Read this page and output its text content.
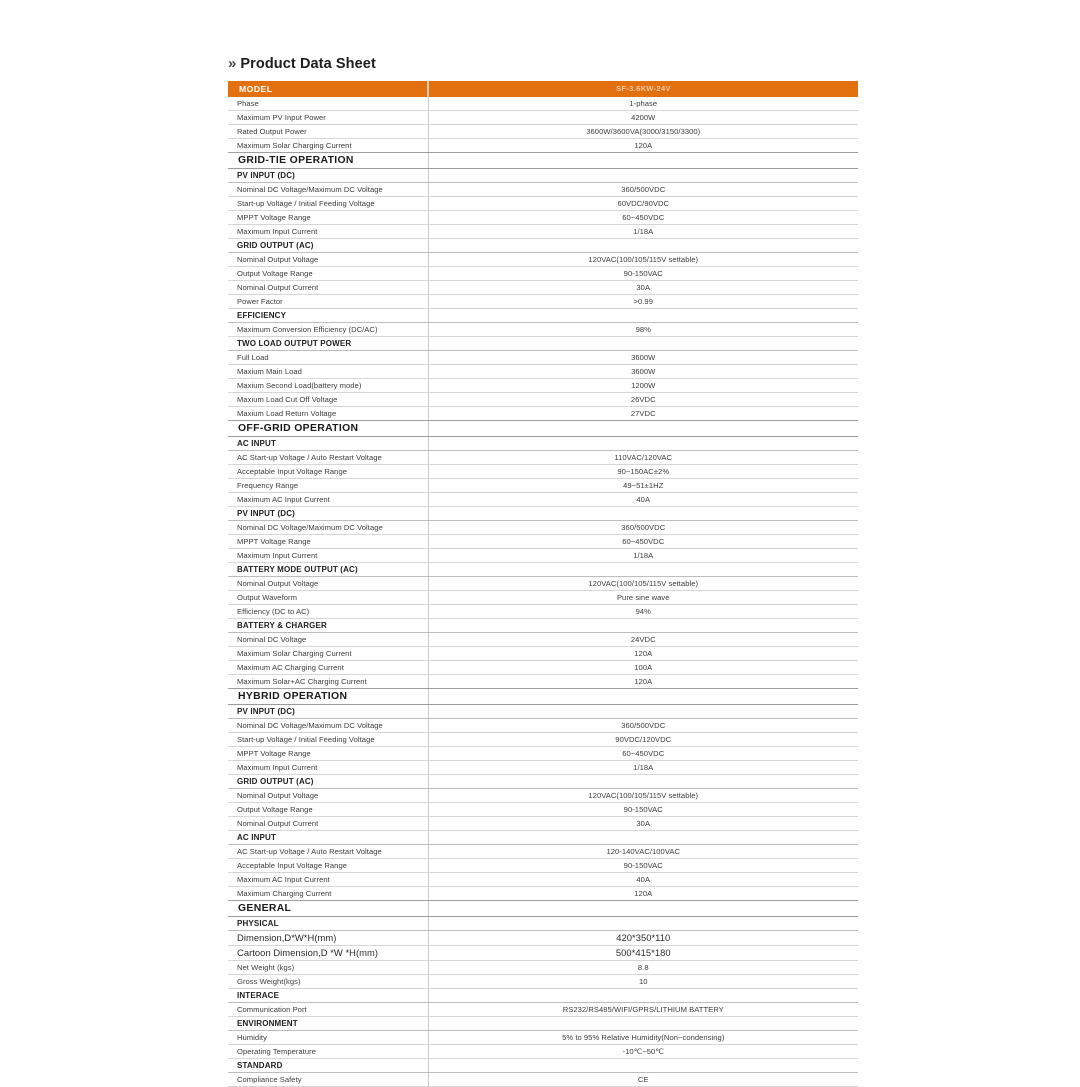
» Product Data Sheet
MODEL	SF-3.6KW-24V
Phase	1-phase
Maximum PV Input Power	4200W
Rated Output Power	3600W/3600VA(3000/3150/3300)
Maximum Solar Charging Current	120A
GRID-TIE OPERATION	
PV INPUT (DC)	
Nominal DC Voltage/Maximum DC Voltage	360/500VDC
Start-up Voltage / Initial Feeding Voltage	60VDC/90VDC
MPPT Voltage Range	60~450VDC
Maximum Input Current	1/18A
GRID OUTPUT (AC)	
Nominal Output Voltage	120VAC(100/105/115V settable)
Output Voltage Range	90-150VAC
Nominal Output Current	30A
Power Factor	>0.99
EFFICIENCY	
Maximum Conversion Efficiency (DC/AC)	98%
TWO LOAD OUTPUT POWER	
Full Load	3600W
Maxium Main Load	3600W
Maxium Second Load(battery mode)	1200W
Maxium Load Cut Off Voltage	26VDC
Maxium Load Return Voltage	27VDC
OFF-GRID OPERATION	
AC INPUT	
AC Start-up Voltage / Auto Restart Voltage	110VAC/120VAC
Acceptable Input Voltage Range	90~150AC±2%
Frequency Range	49~51±1HZ
Maximum AC Input Current	40A
PV INPUT (DC)	
Nominal DC Voltage/Maximum DC Voltage	360/500VDC
MPPT Voltage Range	60~450VDC
Maximum Input Current	1/18A
BATTERY MODE OUTPUT (AC)	
Nominal Output Voltage	120VAC(100/105/115V settable)
Output Waveform	Pure sine wave
Efficiency (DC to AC)	94%
BATTERY & CHARGER	
Nominal DC Voltage	24VDC
Maximum Solar Charging Current	120A
Maximum AC Charging Current	100A
Maximum Solar+AC Charging Current	120A
HYBRID OPERATION	
PV INPUT (DC)	
Nominal DC Voltage/Maximum DC Voltage	360/500VDC
Start-up Voltage / Initial Feeding Voltage	90VDC/120VDC
MPPT Voltage Range	60~450VDC
Maximum Input Current	1/18A
GRID OUTPUT (AC)	
Nominal Output Voltage	120VAC(100/105/115V settable)
Output Voltage Range	90-150VAC
Nominal Output Current	30A
AC INPUT	
AC Start-up Voltage / Auto Restart Voltage	120-140VAC/100VAC
Acceptable Input Voltage Range	90-150VAC
Maximum AC Input Current	40A
Maximum Charging Current	120A
GENERAL	
PHYSICAL	
Dimension,D*W*H(mm)	420*350*110
Cartoon Dimension,D *W *H(mm)	500*415*180
Net Weight (kgs)	8.8
Gross Weight(kgs)	10
INTERACE	
Communication Port	RS232/RS485/WIFI/GPRS/LITHIUM BATTERY
ENVIRONMENT	
Humidity	5% to 95% Relative Humidity(Non~condensing)
Operating Temperature	-10℃~50℃
STANDARD	
Compliance Safety	CE
